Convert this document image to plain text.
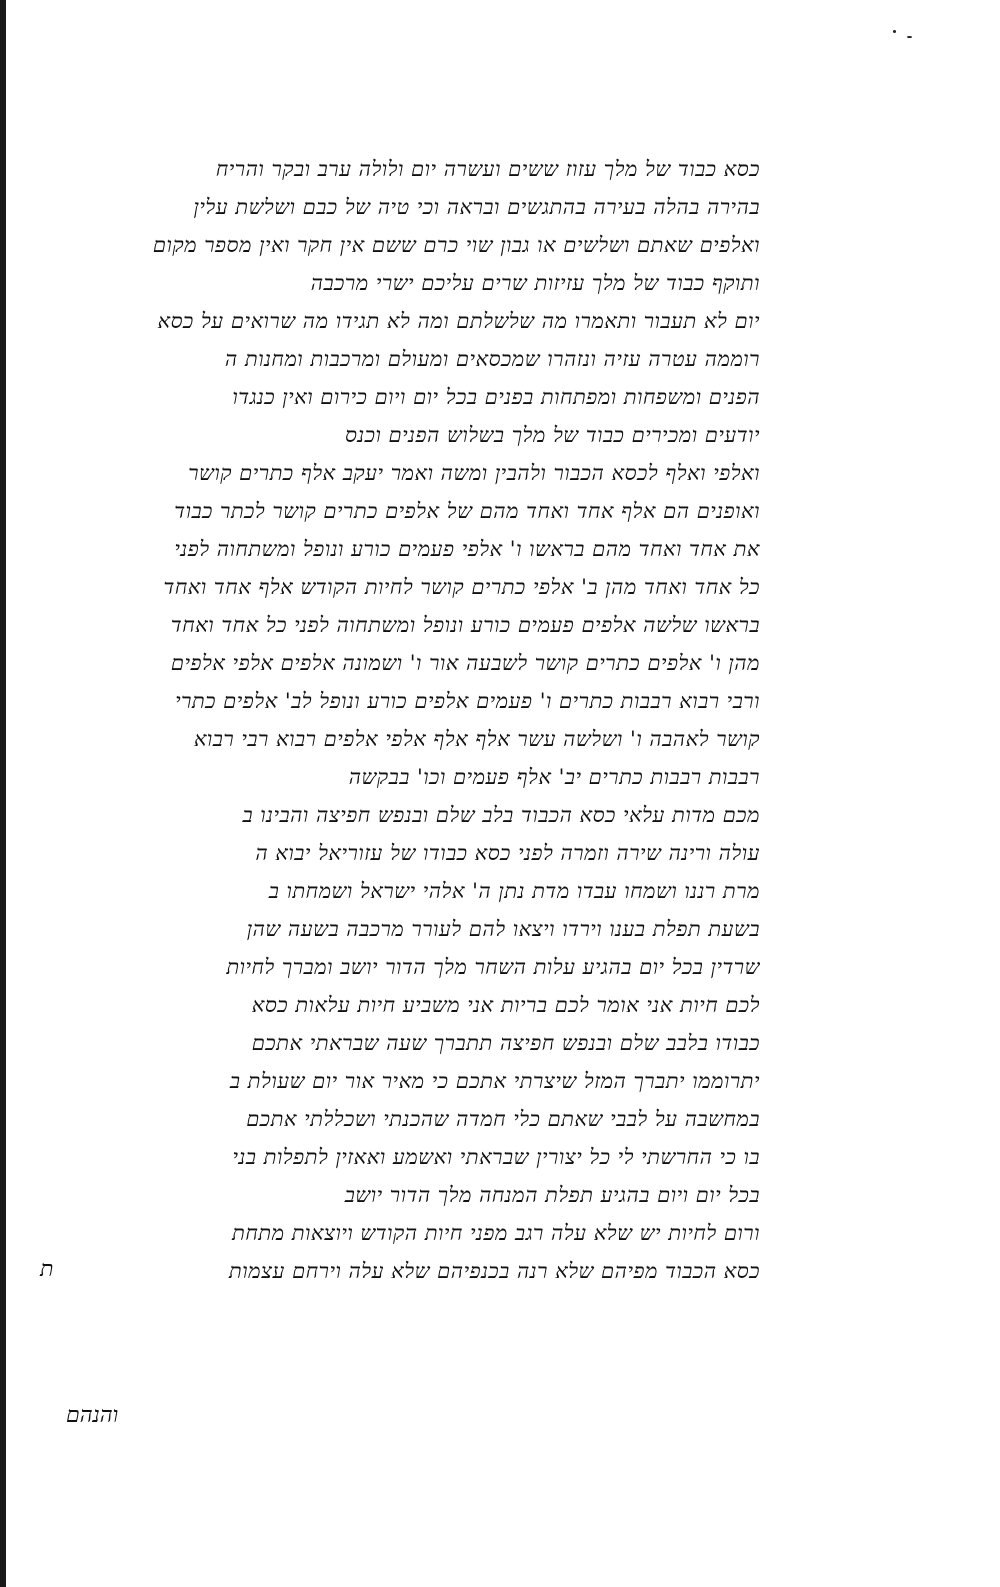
כסא כבוד של מלך עזוז ששים ועשרה יום ולולה ערב ובקר והריח
בהירה בהלה בעירה בהתגשים ובראה וכי טיה של כבם ושלשת עלין
ואלפים שאתם ושלשים או גבון שוי כרם ששם אין חקר ואין מספר מקום
ותוקף כבוד של מלך עזיזות שרים עליכם ישרי מרכבה
יום לא תעבור ותאמרו מה שלשלתם ומה לא תגידו מה שרואים על כסא
רוממה עטרה עזיה ונזהרו שמכסאים ומעולם ומרכבות ומחנות ה
הפנים ומשפחות ומפתחות בפנים בכל יום ויום כירום ואין כנגדו
יודעים ומכירים כבוד של מלך בשלוש הפנים וכנס
ואלפי ואלף לכסא הכבור ולהבין ומשה ואמר יעקב אלף כתרים קושר
ואופנים הם אלף אחד ואחד מהם של אלפים כתרים קושר לכתר כבוד
את אחד ואחד מהם בראשו ו' אלפי פעמים כורע ונופל ומשתחוה לפני
כל אחד ואחד מהן ב' אלפי כתרים קושר לחיות הקודש אלף אחד ואחד
בראשו שלשה אלפים פעמים כורע ונופל ומשתחוה לפני כל אחד ואחד
מהן ו' אלפים כתרים קושר לשבעה אור ו' ושמונה אלפים אלפי אלפים
ורבי רבוא רבבות כתרים ו' פעמים אלפים כורע ונופל לב' אלפים כתרי
קושר לאהבה ו' ושלשה עשר אלף אלף אלפי אלפים רבוא רבי רבוא
רבבות רבבות כתרים יב' אלף פעמים וכו' בבקשה
מכם מדות עלאי כסא הכבוד בלב שלם ובנפש חפיצה והבינו ב
עולה ורינה שירה וזמרה לפני כסא כבודו של עזוריאל יבוא ה
מרת רננו ושמחו עבדו מדת נתן ה' אלהי ישראל ושמחתו ב
בשעת תפלת בענו וירדו ויצאו להם לעורר מרכבה בשעה שהן
שרדין בכל יום בהגיע עלות השחר מלך הדור יושב ומברך לחיות
לכם חיות אני אומר לכם בריות אני משביע חיות עלאות כסא
כבודו בלבב שלם ובנפש חפיצה תתברך שעה שבראתי אתכם
יתרוממו יתברך המזל שיצרתי אתכם כי מאיר אור יום שעולת ב
במחשבה על לבבי שאתם כלי חמדה שהכנתי ושכללתי אתכם
בו כי החרשתי לי כל יצורין שבראתי ואשמע ואאזין לתפלות בני
בכל יום ויום בהגיע תפלת המנחה מלך הדור יושב
ורום לחיות יש שלא עלה רגב מפני חיות הקודש ויוצאות מתחת
כסא הכבוד מפיהם שלא רנה בכנפיהם שלא עלה וירחם עצמות
ת
והנהם
